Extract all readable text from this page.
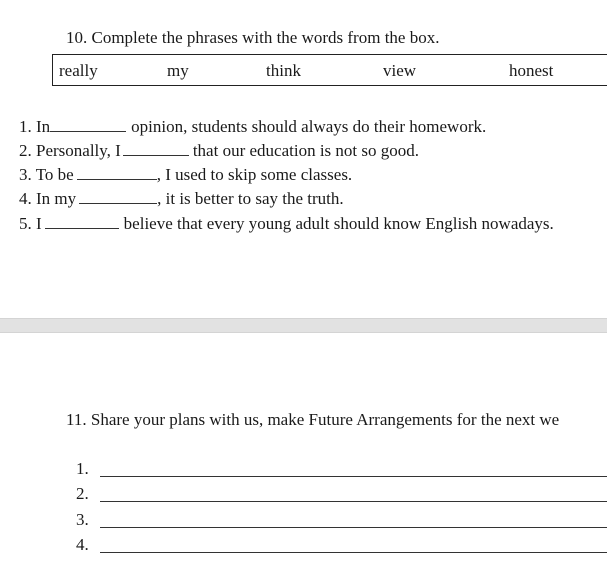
10. Complete the phrases with the words from the box.
really	my	think	view	honest
1. In	opinion, students should always do their homework.
2. Personally, I	that our education is not so good.
3. To be	, I used to skip some classes.
4. In my	, it is better to say the truth.
5. I	believe that every young adult should know English nowadays.
11. Share your plans with us, make Future Arrangements for the next we
1.
2.
3.
4.
